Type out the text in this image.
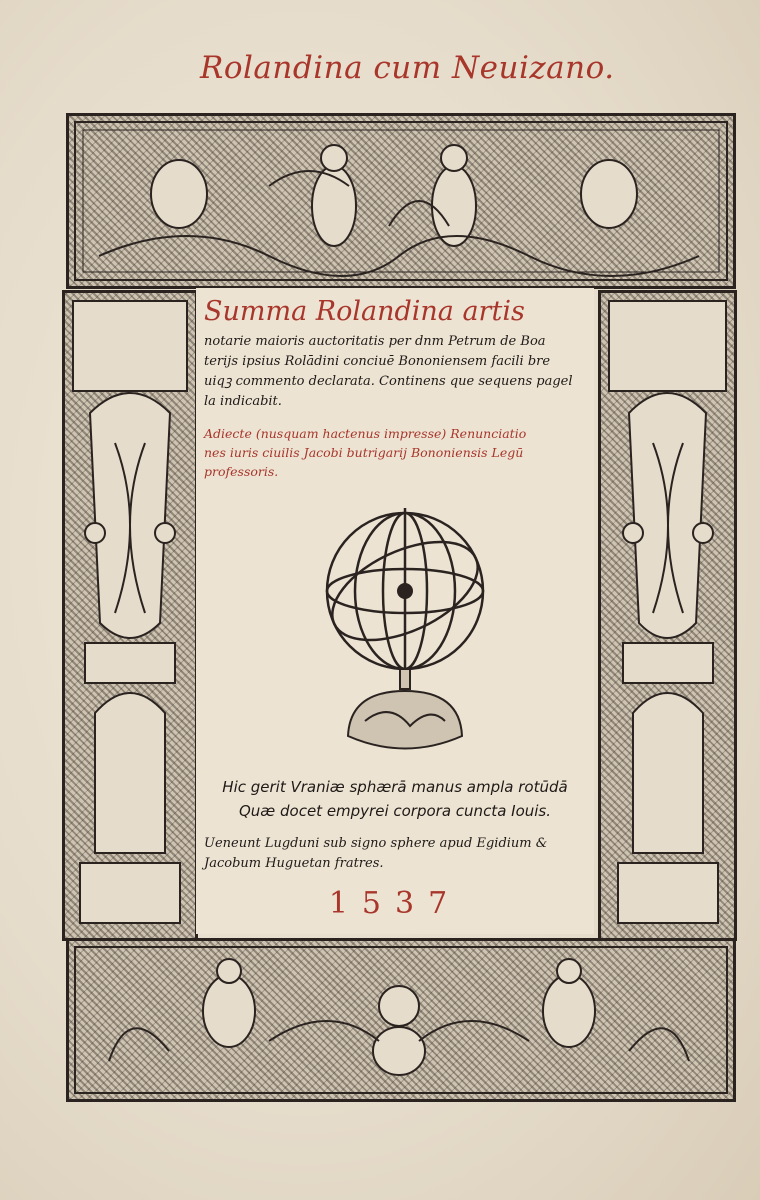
Rolandina cum Neuizano.
Summa Rolandina artis
notarie maioris auctoritatis per dnm Petrum de Boa
terijs ipsius Rolādini conciuē Bononiensem facili bre
uiqꝫ commento declarata. Continens que sequens pagel
la indicabit.
Adiecte (nusquam hactenus impresse) Renunciatio
nes iuris ciuilis Jacobi butrigarij Bononiensis Legū
professoris.
Hic gerit Vraniæ sphærā manus ampla rotūdā
Quæ docet empyrei corpora cuncta Iouis.
Ueneunt Lugduni sub signo sphere apud Egidium &
Jacobum Huguetan fratres.
1537
